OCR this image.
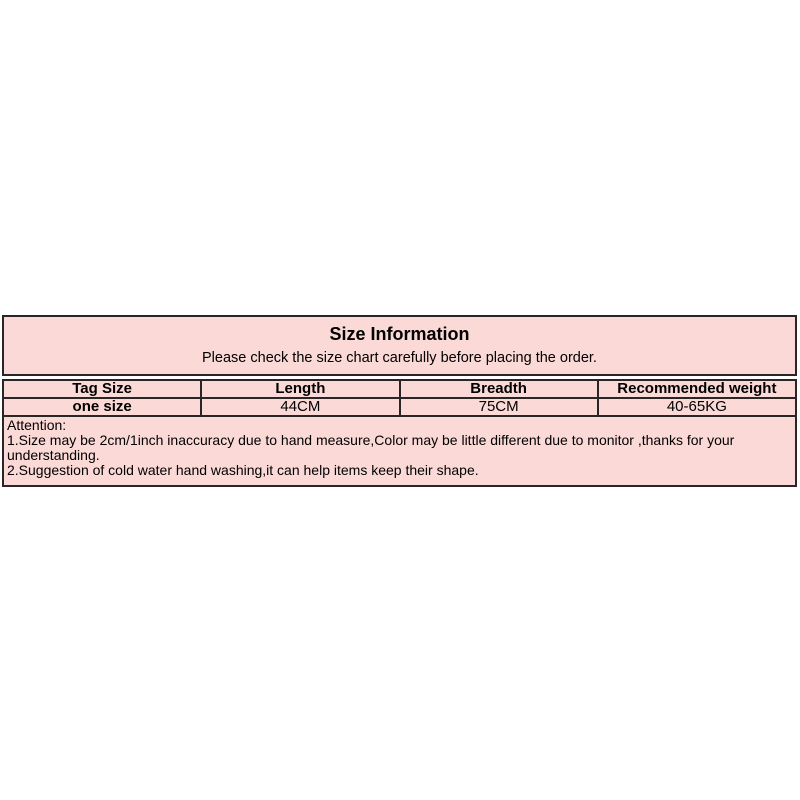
Size Information
Please check the size chart carefully before placing the order.
Tag Size	Length	Breadth	Recommended weight
one size	44CM	75CM	40-65KG
Attention:
1.Size may be 2cm/1inch inaccuracy due to hand measure,Color may be little different due to monitor ,thanks for your
understanding.
2.Suggestion of cold water hand washing,it can help items keep their shape.
